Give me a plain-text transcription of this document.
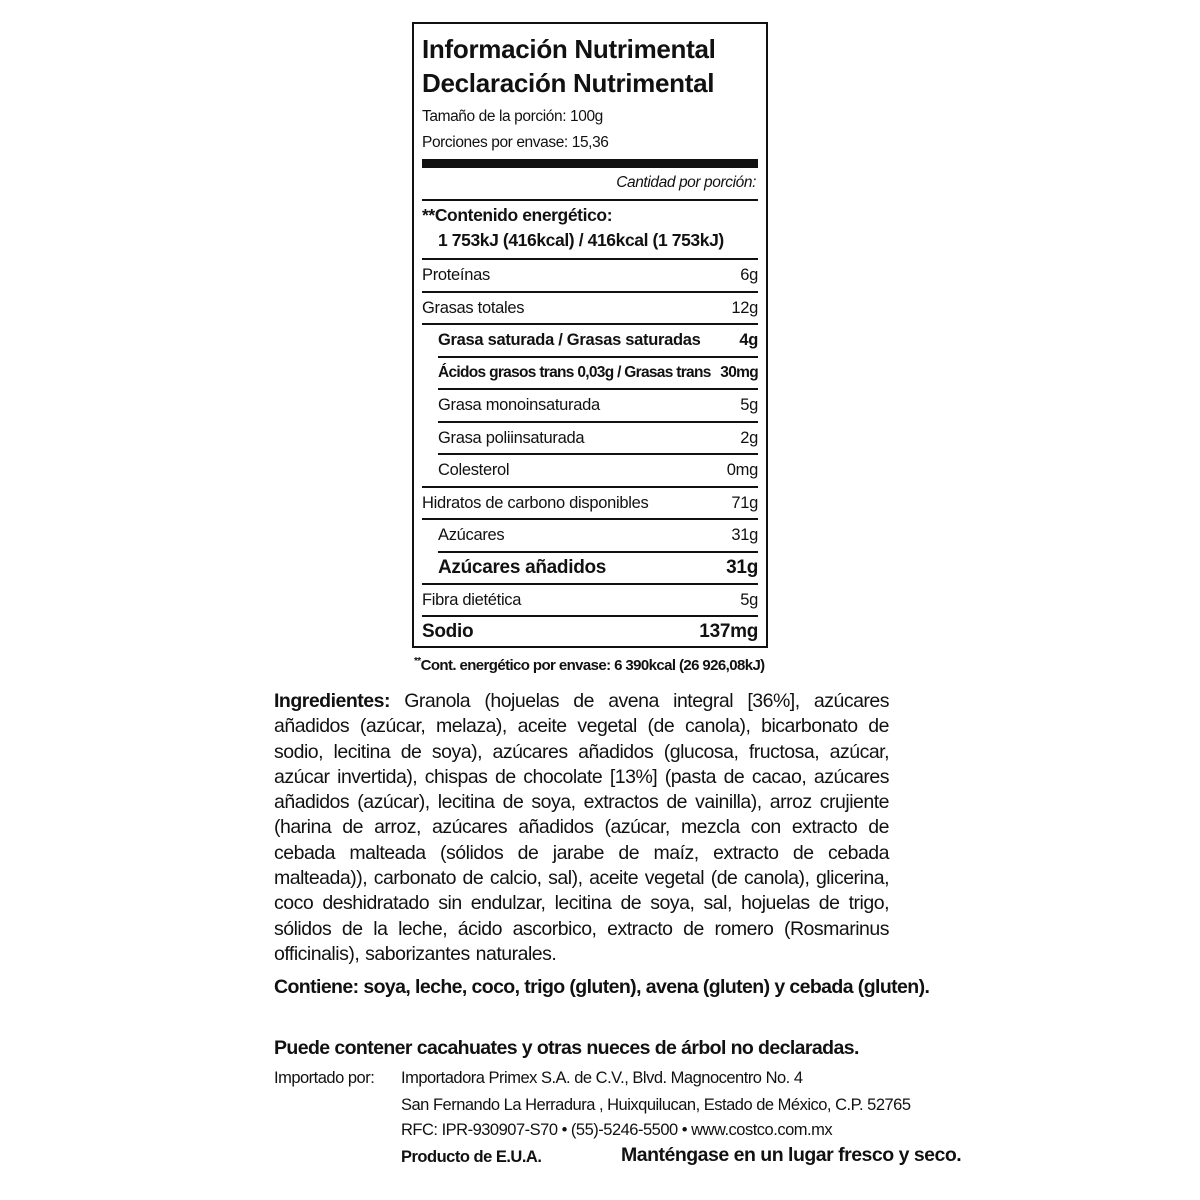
Información Nutrimental
Declaración Nutrimental
Tamaño de la porción: 100g
Porciones por envase: 15,36
Cantidad por porción:
**Contenido energético:
1 753kJ (416kcal) / 416kcal (1 753kJ)
Proteínas	6g
Grasas totales	12g
Grasa saturada / Grasas saturadas 4g
Ácidos grasos trans 0,03g / Grasas trans 30mg
Grasa monoinsaturada	5g
Grasa poliinsaturada	2g
Colesterol	0mg
Hidratos de carbono disponibles	71g
Azúcares	31g
Azúcares añadidos	31g
Fibra dietética	5g
Sodio	137mg
**Cont. energético por envase: 6 390kcal (26 926,08kJ)
Ingredientes: Granola (hojuelas de avena integral [36%], azúcares añadidos (azúcar, melaza), aceite vegetal (de canola), bicarbonato de sodio, lecitina de soya), azúcares añadidos (glucosa, fructosa, azúcar, azúcar invertida), chispas de chocolate [13%] (pasta de cacao, azúcares añadidos (azúcar), lecitina de soya, extractos de vainilla), arroz crujiente (harina de arroz, azúcares añadidos (azúcar, mezcla con extracto de cebada malteada (sólidos de jarabe de maíz, extracto de cebada malteada)), carbonato de calcio, sal), aceite vegetal (de canola), glicerina, coco deshidratado sin endulzar, lecitina de soya, sal, hojuelas de trigo, sólidos de la leche, ácido ascorbico, extracto de romero (Rosmarinus officinalis), saborizantes naturales.
Contiene: soya, leche, coco, trigo (gluten), avena (gluten) y cebada (gluten).
Puede contener cacahuates y otras nueces de árbol no declaradas.
Importado por: Importadora Primex S.A. de C.V., Blvd. Magnocentro No. 4
San Fernando La Herradura , Huixquilucan, Estado de México, C.P. 52765
RFC: IPR-930907-S70 • (55)-5246-5500 • www.costco.com.mx
Producto de E.U.A.	Manténgase en un lugar fresco y seco.
